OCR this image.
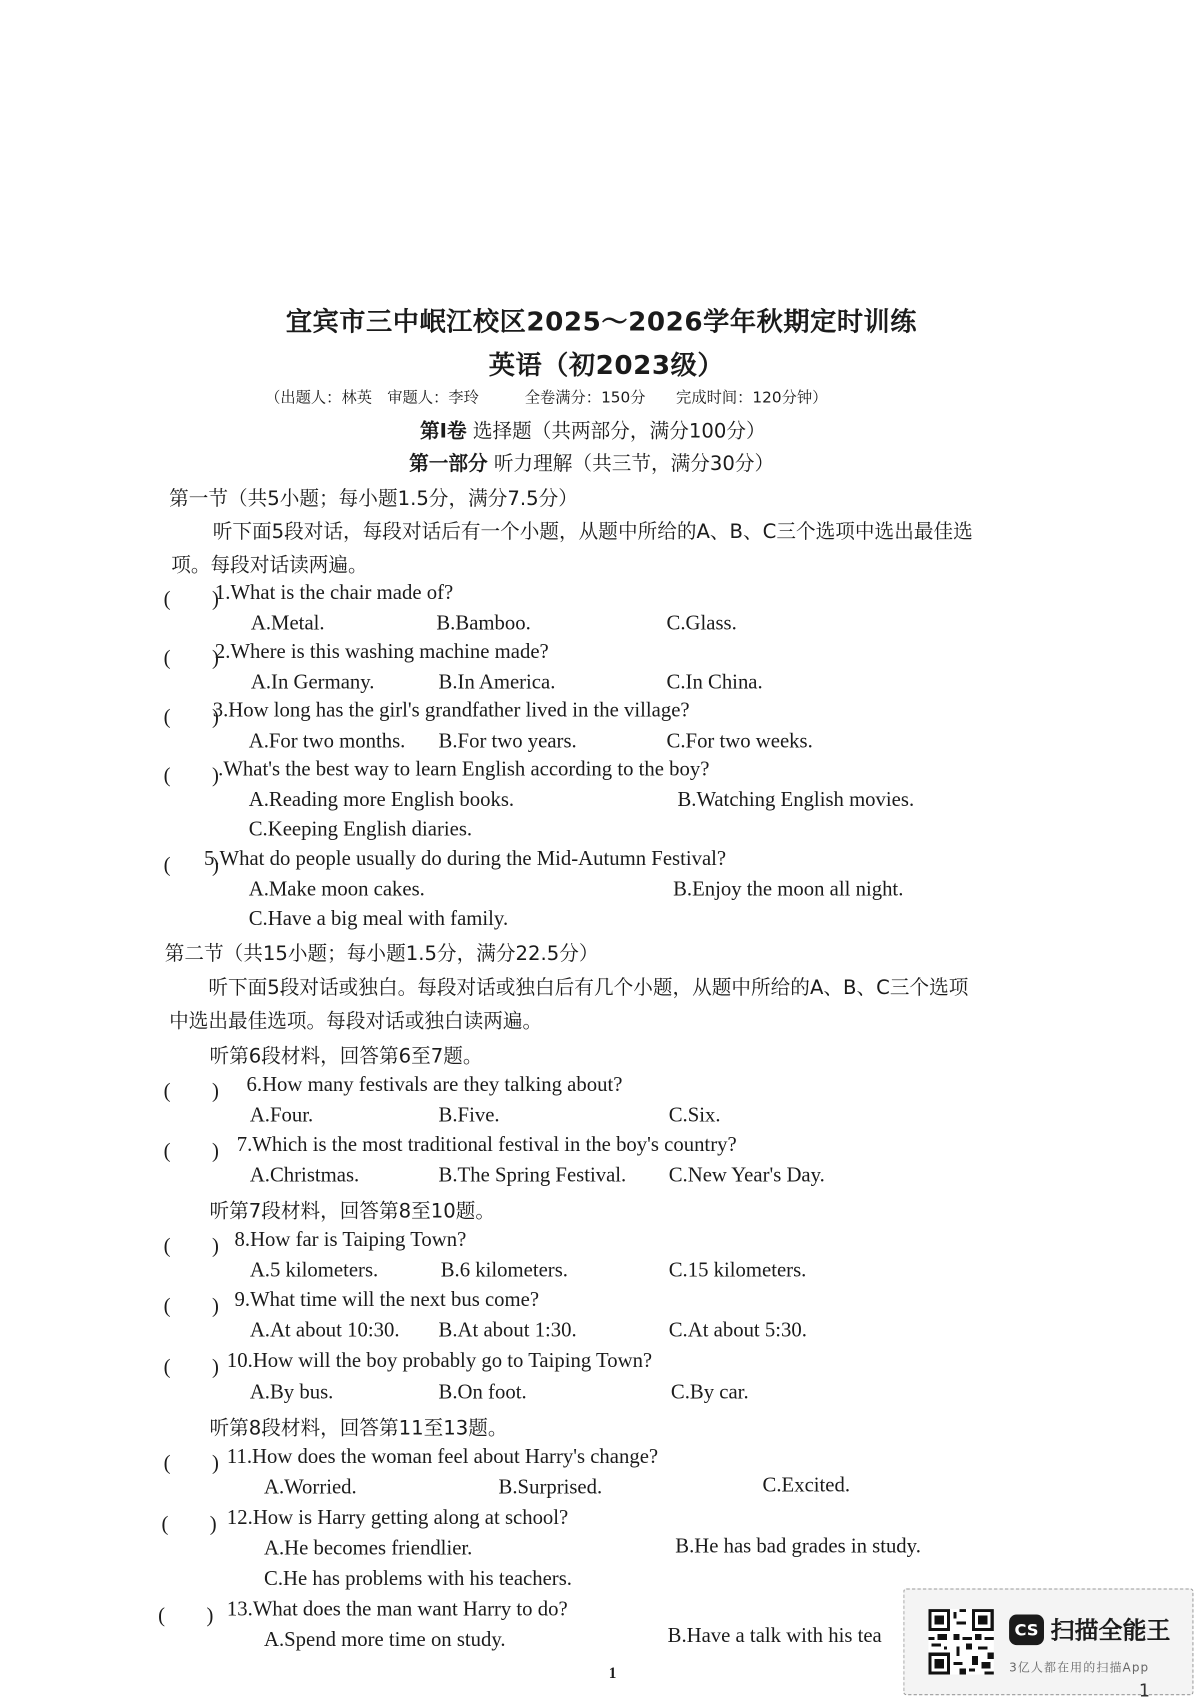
宜宾市三中岷江校区2025～2026学年秋期定时训练
英语（初2023级）
（出题人：林英　审题人：李玲　　　全卷满分：150分　　完成时间：120分钟）
第Ⅰ卷 选择题（共两部分，满分100分）
第一部分 听力理解（共三节，满分30分）
第一节（共5小题；每小题1.5分，满分7.5分）
听下面5段对话，每段对话后有一个小题，从题中所给的A、B、C三个选项中选出最佳选
项。每段对话读两遍。
(　　)
1.What is the chair made of?
A.Metal.	B.Bamboo.	C.Glass.
(　　)
2.Where is this washing machine made?
A.In Germany.	B.In America.	C.In China.
(　　)
3.How long has the girl's grandfather lived in the village?
A.For two months. B.For two years.	C.For two weeks.
(　　) .What's the best way to learn English according to the boy?
A.Reading more English books.	B.Watching English movies.
C.Keeping English diaries.
(　　)
5.What do people usually do during the Mid-Autumn Festival?
A.Make moon cakes.	B.Enjoy the moon all night.
C.Have a big meal with family.
第二节（共15小题；每小题1.5分，满分22.5分）
听下面5段对话或独白。每段对话或独白后有几个小题，从题中所给的A、B、C三个选项
中选出最佳选项。每段对话或独白读两遍。
听第6段材料，回答第6至7题。
(　　) 6.How many festivals are they talking about?
A.Four.	B.Five.	C.Six.
(　　) 7.Which is the most traditional festival in the boy's country?
A.Christmas.	B.The Spring Festival. C.New Year's Day.
听第7段材料，回答第8至10题。
(　　) 8.How far is Taiping Town?
A.5 kilometers.	B.6 kilometers.	C.15 kilometers.
(　　) 9.What time will the next bus come?
A.At about 10:30. B.At about 1:30.	C.At about 5:30.
(　　) 10.How will the boy probably go to Taiping Town?
A.By bus.	B.On foot.	C.By car.
听第8段材料，回答第11至13题。
(　　) 11.How does the woman feel about Harry's change?
A.Worried.	B.Surprised.	C.Excited.
(　　) 12.How is Harry getting along at school?
A.He becomes friendlier.	B.He has bad grades in study.
C.He has problems with his teachers.
(　　) 13.What does the man want Harry to do?
A.Spend more time on study.	B.Have a talk with his tea
1
CS 扫描全能王
3亿人都在用的扫描App
1
